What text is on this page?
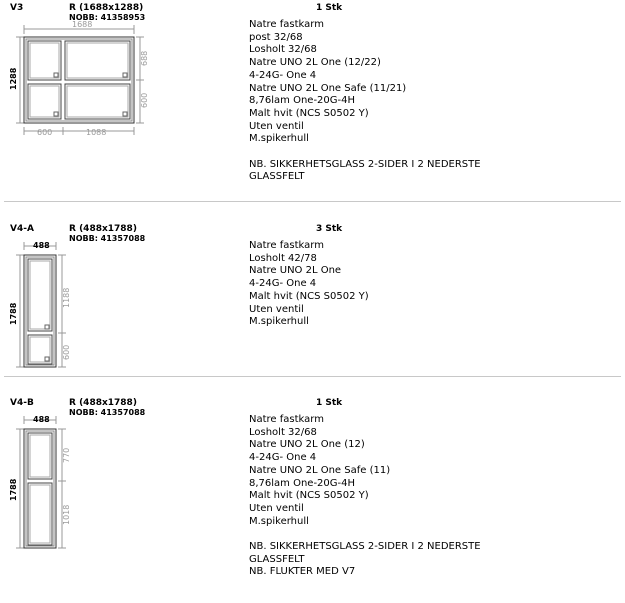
V3	R (1688x1288)
NOBB: 41358953
1 Stk
1688
1288
688
600
600	1088
Natre fastkarm
post 32/68
Losholt 32/68
Natre UNO 2L One (12/22)
4-24G- One 4
Natre UNO 2L One Safe (11/21)
8,76lam One-20G-4H
Malt hvit (NCS S0502 Y)
Uten ventil
M.spikerhull
NB. SIKKERHETSGLASS 2-SIDER I 2 NEDERSTE
GLASSFELT
V4-A	R (488x1788)
NOBB: 41357088
3 Stk
488
1788
1188
600
Natre fastkarm
Losholt 42/78
Natre UNO 2L One
4-24G- One 4
Malt hvit (NCS S0502 Y)
Uten ventil
M.spikerhull
V4-B	R (488x1788)
NOBB: 41357088
1 Stk
488
1788
770
1018
Natre fastkarm
Losholt 32/68
Natre UNO 2L One (12)
4-24G- One 4
Natre UNO 2L One Safe (11)
8,76lam One-20G-4H
Malt hvit (NCS S0502 Y)
Uten ventil
M.spikerhull
NB. SIKKERHETSGLASS 2-SIDER I 2 NEDERSTE
GLASSFELT
NB. FLUKTER MED V7
